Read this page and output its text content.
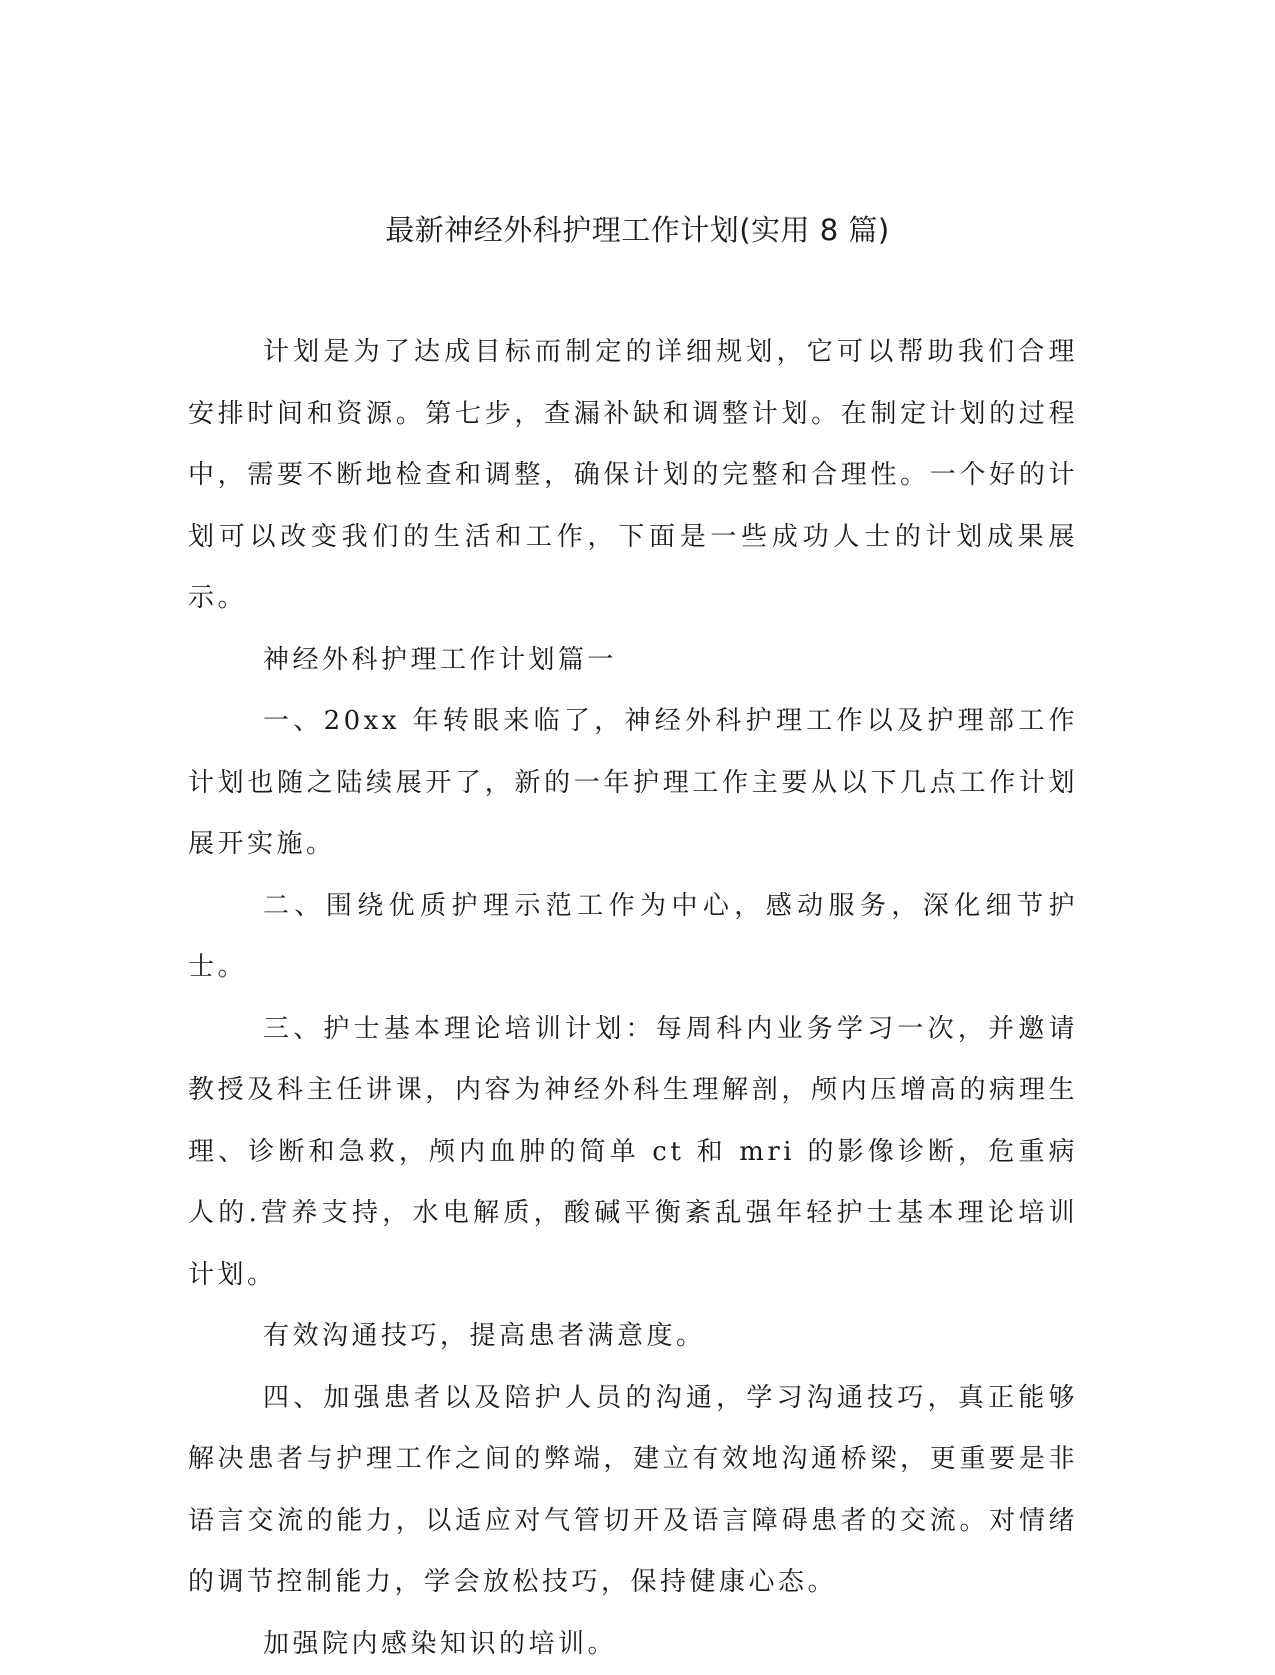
最新神经外科护理工作计划(实用 8 篇)

计划是为了达成目标而制定的详细规划，它可以帮助我们合理安排时间和资源。第七步，查漏补缺和调整计划。在制定计划的过程中，需要不断地检查和调整，确保计划的完整和合理性。一个好的计划可以改变我们的生活和工作，下面是一些成功人士的计划成果展示。

神经外科护理工作计划篇一

一、20xx 年转眼来临了，神经外科护理工作以及护理部工作计划也随之陆续展开了，新的一年护理工作主要从以下几点工作计划展开实施。

二、围绕优质护理示范工作为中心，感动服务，深化细节护士。

三、护士基本理论培训计划：每周科内业务学习一次，并邀请教授及科主任讲课，内容为神经外科生理解剖，颅内压增高的病理生理、诊断和急救，颅内血肿的简单 ct 和 mri 的影像诊断，危重病人的.营养支持，水电解质，酸碱平衡紊乱强年轻护士基本理论培训计划。

有效沟通技巧，提高患者满意度。

四、加强患者以及陪护人员的沟通，学习沟通技巧，真正能够解决患者与护理工作之间的弊端，建立有效地沟通桥梁，更重要是非语言交流的能力，以适应对气管切开及语言障碍患者的交流。对情绪的调节控制能力，学会放松技巧，保持健康心态。

加强院内感染知识的培训。
